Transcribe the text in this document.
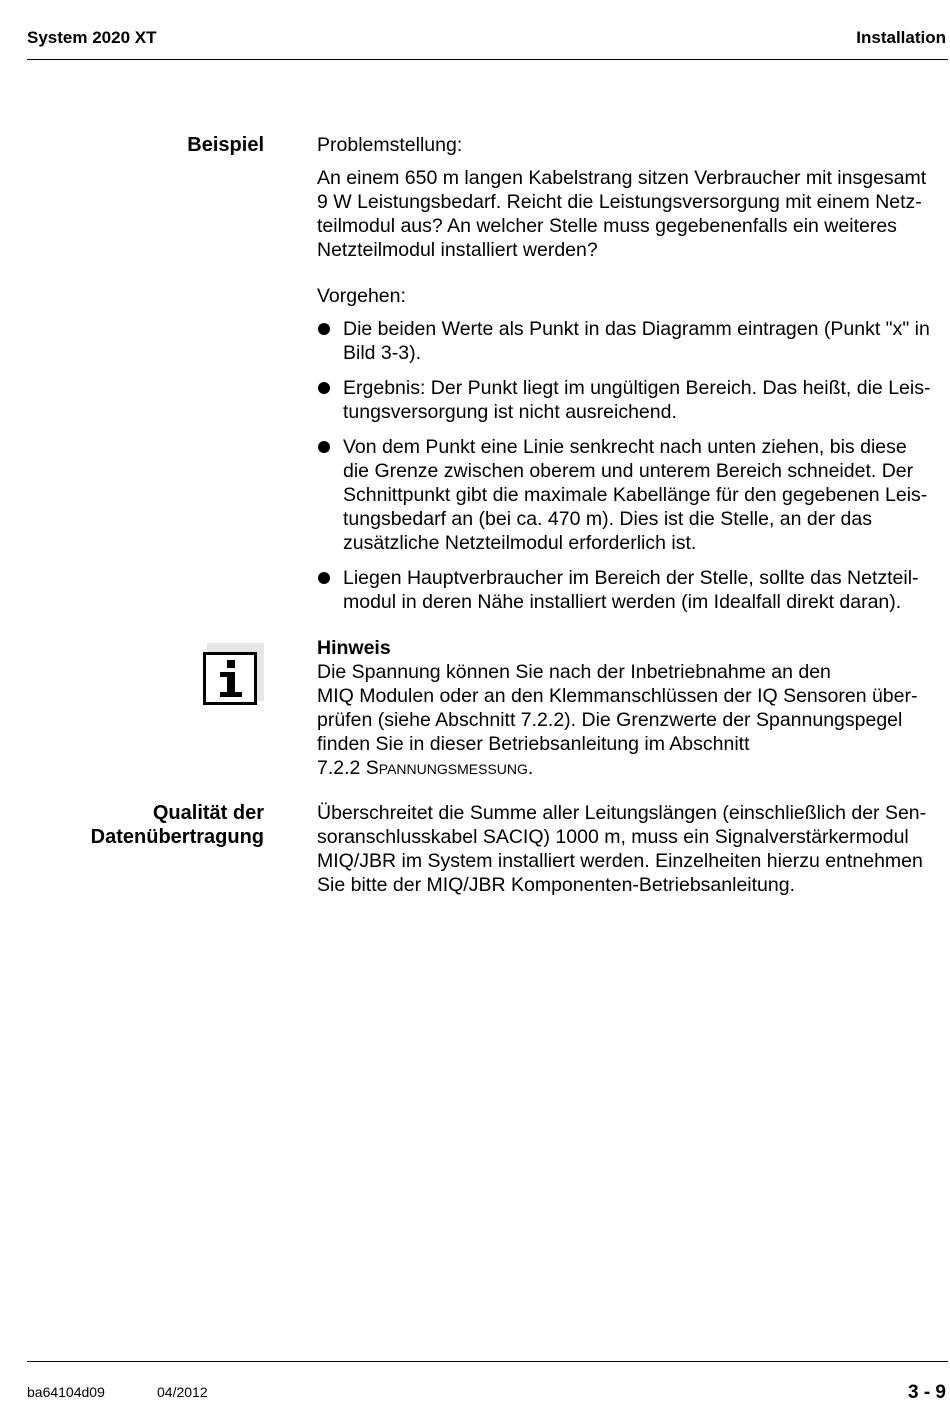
System 2020 XT	Installation
Beispiel	Problemstellung:

An einem 650 m langen Kabelstrang sitzen Verbraucher mit insgesamt
9 W Leistungsbedarf. Reicht die Leistungsversorgung mit einem Netz-
teilmodul aus? An welcher Stelle muss gegebenenfalls ein weiteres
Netzteilmodul installiert werden?

Vorgehen:

Die beiden Werte als Punkt in das Diagramm eintragen (Punkt "x" in
Bild 3-3).
Ergebnis: Der Punkt liegt im ungültigen Bereich. Das heißt, die Leis-
tungsversorgung ist nicht ausreichend.
Von dem Punkt eine Linie senkrecht nach unten ziehen, bis diese
die Grenze zwischen oberem und unterem Bereich schneidet. Der
Schnittpunkt gibt die maximale Kabellänge für den gegebenen Leis-
tungsbedarf an (bei ca. 470 m). Dies ist die Stelle, an der das
zusätzliche Netzteilmodul erforderlich ist.
Liegen Hauptverbraucher im Bereich der Stelle, sollte das Netzteil-
modul in deren Nähe installiert werden (im Idealfall direkt daran).

Hinweis

Die Spannung können Sie nach der Inbetriebnahme an den
MIQ Modulen oder an den Klemmanschlüssen der IQ Sensoren über-
prüfen (siehe Abschnitt 7.2.2). Die Grenzwerte der Spannungspegel
finden Sie in dieser Betriebsanleitung im Abschnitt

7.2.2 Spannungsmessung.

Qualität der
Datenübertragung

Überschreitet die Summe aller Leitungslängen (einschließlich der Sen-
soranschlusskabel SACIQ) 1000 m, muss ein Signalverstärkermodul
MIQ/JBR im System installiert werden. Einzelheiten hierzu entnehmen
Sie bitte der MIQ/JBR Komponenten-Betriebsanleitung.

ba64104d09	04/2012	3 - 9
